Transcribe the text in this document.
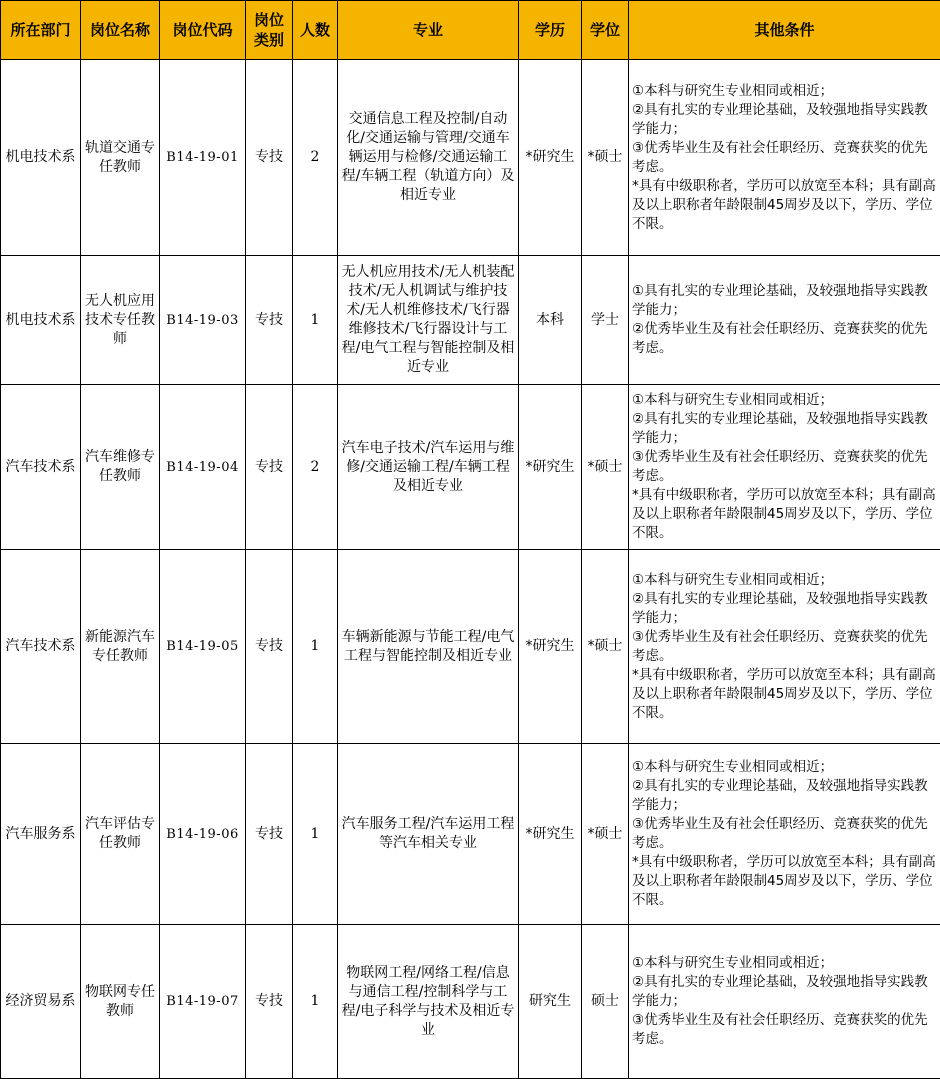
所在部门	岗位名称	岗位代码	岗位类别	人数	专业	学历	学位	其他条件
机电技术系	轨道交通专任教师	B14-19-01	专技	2	交通信息工程及控制/自动化/交通运输与管理/交通车辆运用与检修/交通运输工程/车辆工程（轨道方向）及相近专业	*研究生	*硕士	①本科与研究生专业相同或相近；
②具有扎实的专业理论基础，及较强地指导实践教学能力；
③优秀毕业生及有社会任职经历、竞赛获奖的优先考虑。
*具有中级职称者，学历可以放宽至本科；具有副高及以上职称者年龄限制45周岁及以下，学历、学位不限。

机电技术系	无人机应用技术专任教师	B14-19-03	专技	1	无人机应用技术/无人机装配技术/无人机调试与维护技术/无人机维修技术/飞行器维修技术/飞行器设计与工程/电气工程与智能控制及相近专业	本科	学士	①具有扎实的专业理论基础，及较强地指导实践教学能力；
②优秀毕业生及有社会任职经历、竞赛获奖的优先考虑。

汽车技术系	汽车维修专任教师	B14-19-04	专技	2	汽车电子技术/汽车运用与维修/交通运输工程/车辆工程及相近专业	*研究生	*硕士	①本科与研究生专业相同或相近；
②具有扎实的专业理论基础，及较强地指导实践教学能力；
③优秀毕业生及有社会任职经历、竞赛获奖的优先考虑。
*具有中级职称者，学历可以放宽至本科；具有副高及以上职称者年龄限制45周岁及以下，学历、学位不限。

汽车技术系	新能源汽车专任教师	B14-19-05	专技	1	车辆新能源与节能工程/电气工程与智能控制及相近专业	*研究生	*硕士	①本科与研究生专业相同或相近；
②具有扎实的专业理论基础，及较强地指导实践教学能力；
③优秀毕业生及有社会任职经历、竞赛获奖的优先考虑。
*具有中级职称者，学历可以放宽至本科；具有副高及以上职称者年龄限制45周岁及以下，学历、学位不限。

汽车服务系	汽车评估专任教师	B14-19-06	专技	1	汽车服务工程/汽车运用工程等汽车相关专业	*研究生	*硕士	①本科与研究生专业相同或相近；
②具有扎实的专业理论基础，及较强地指导实践教学能力；
③优秀毕业生及有社会任职经历、竞赛获奖的优先考虑。
*具有中级职称者，学历可以放宽至本科；具有副高及以上职称者年龄限制45周岁及以下，学历、学位不限。

经济贸易系	物联网专任教师	B14-19-07	专技	1	物联网工程/网络工程/信息与通信工程/控制科学与工程/电子科学与技术及相近专业	研究生	硕士	①本科与研究生专业相同或相近；
②具有扎实的专业理论基础，及较强地指导实践教学能力；
③优秀毕业生及有社会任职经历、竞赛获奖的优先考虑。
